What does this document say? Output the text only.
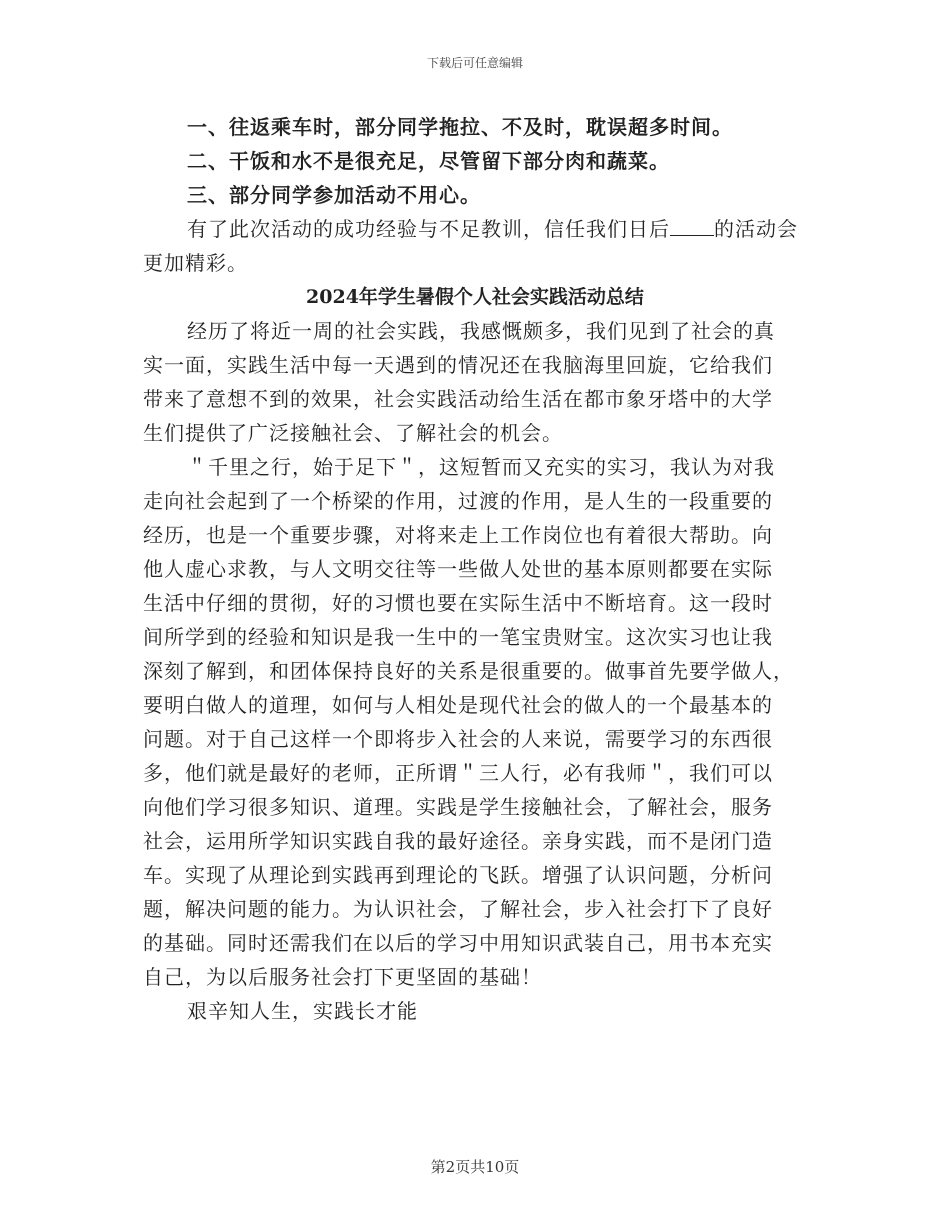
下载后可任意编辑
一、往返乘车时，部分同学拖拉、不及时，耽误超多时间。
二、干饭和水不是很充足，尽管留下部分肉和蔬菜。
三、部分同学参加活动不用心。
有了此次活动的成功经验与不足教训，信任我们日后 的活动会
更加精彩。
2024年学生暑假个人社会实践活动总结
经历了将近一周的社会实践，我感慨颇多，我们见到了社会的真
实一面，实践生活中每一天遇到的情况还在我脑海里回旋，它给我们
带来了意想不到的效果，社会实践活动给生活在都市象牙塔中的大学
生们提供了广泛接触社会、了解社会的机会。
＂千里之行，始于足下＂，这短暂而又充实的实习，我认为对我
走向社会起到了一个桥梁的作用，过渡的作用，是人生的一段重要的
经历，也是一个重要步骤，对将来走上工作岗位也有着很大帮助。向
他人虚心求教，与人文明交往等一些做人处世的基本原则都要在实际
生活中仔细的贯彻，好的习惯也要在实际生活中不断培育。这一段时
间所学到的经验和知识是我一生中的一笔宝贵财宝。这次实习也让我
深刻了解到，和团体保持良好的关系是很重要的。做事首先要学做人，
要明白做人的道理，如何与人相处是现代社会的做人的一个最基本的
问题。对于自己这样一个即将步入社会的人来说，需要学习的东西很
多，他们就是最好的老师，正所谓＂三人行，必有我师＂，我们可以
向他们学习很多知识、道理。实践是学生接触社会，了解社会，服务
社会，运用所学知识实践自我的最好途径。亲身实践，而不是闭门造
车。实现了从理论到实践再到理论的飞跃。增强了认识问题，分析问
题，解决问题的能力。为认识社会，了解社会，步入社会打下了良好
的基础。同时还需我们在以后的学习中用知识武装自己，用书本充实
自己，为以后服务社会打下更坚固的基础！
艰辛知人生，实践长才能
第2页共10页
